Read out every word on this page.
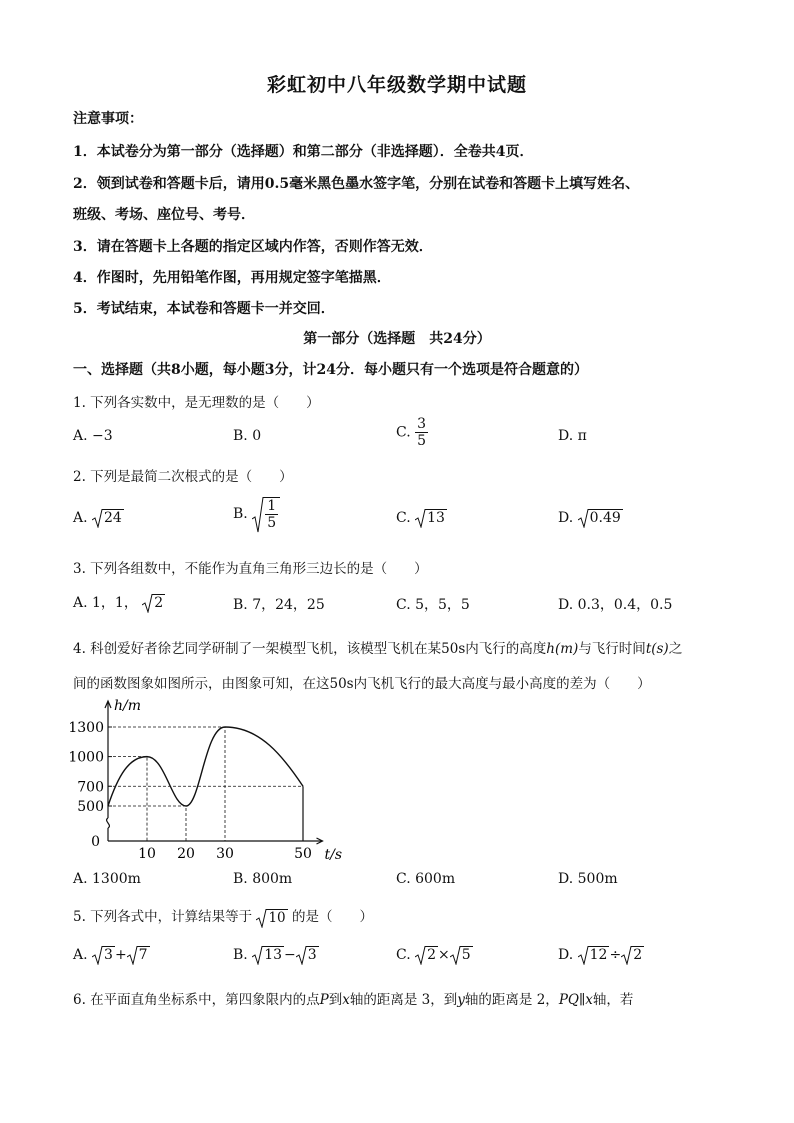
彩虹初中八年级数学期中试题
注意事项：
1．本试卷分为第一部分（选择题）和第二部分（非选择题）．全卷共4页．
2．领到试卷和答题卡后，请用0.5毫米黑色墨水签字笔，分别在试卷和答题卡上填写姓名、
班级、考场、座位号、考号．
3．请在答题卡上各题的指定区域内作答，否则作答无效．
4．作图时，先用铅笔作图，再用规定签字笔描黑．
5．考试结束，本试卷和答题卡一并交回．
第一部分（选择题　共24分）
一、选择题（共8小题，每小题3分，计24分．每小题只有一个选项是符合题意的）
1. 下列各实数中，是无理数的是（　　）
A. −3	B. 0	C. $\frac{3}{5}$	D. π
2. 下列是最简二次根式的是（　　）
A. 24	B. $\frac{1}{5}$	C. 13	D. 0.49
3. 下列各组数中，不能作为直角三角形三边长的是（　　）
A. 1，1， 2	B. 7，24，25	C. 5，5，5	D. 0.3，0.4，0.5
4. 科创爱好者徐艺同学研制了一架模型飞机，该模型飞机在某50s内飞行的高度h(m)与飞行时间t(s)之
间的函数图象如图所示，由图象可知，在这50s内飞机飞行的最大高度与最小高度的差为（　　）
500
700
1000
1300
0
10 20 30	50
h/m
t/s
A. 1300m	B. 800m	C. 600m	D. 500m
5. 下列各式中，计算结果等于 10 的是（　　）
A. 3 + 7	B. 13 − 3	C. 2 × 5	D. 12 ÷ 2
6. 在平面直角坐标系中，第四象限内的点P到x轴的距离是 3，到y轴的距离是 2，PQ∥x轴，若
